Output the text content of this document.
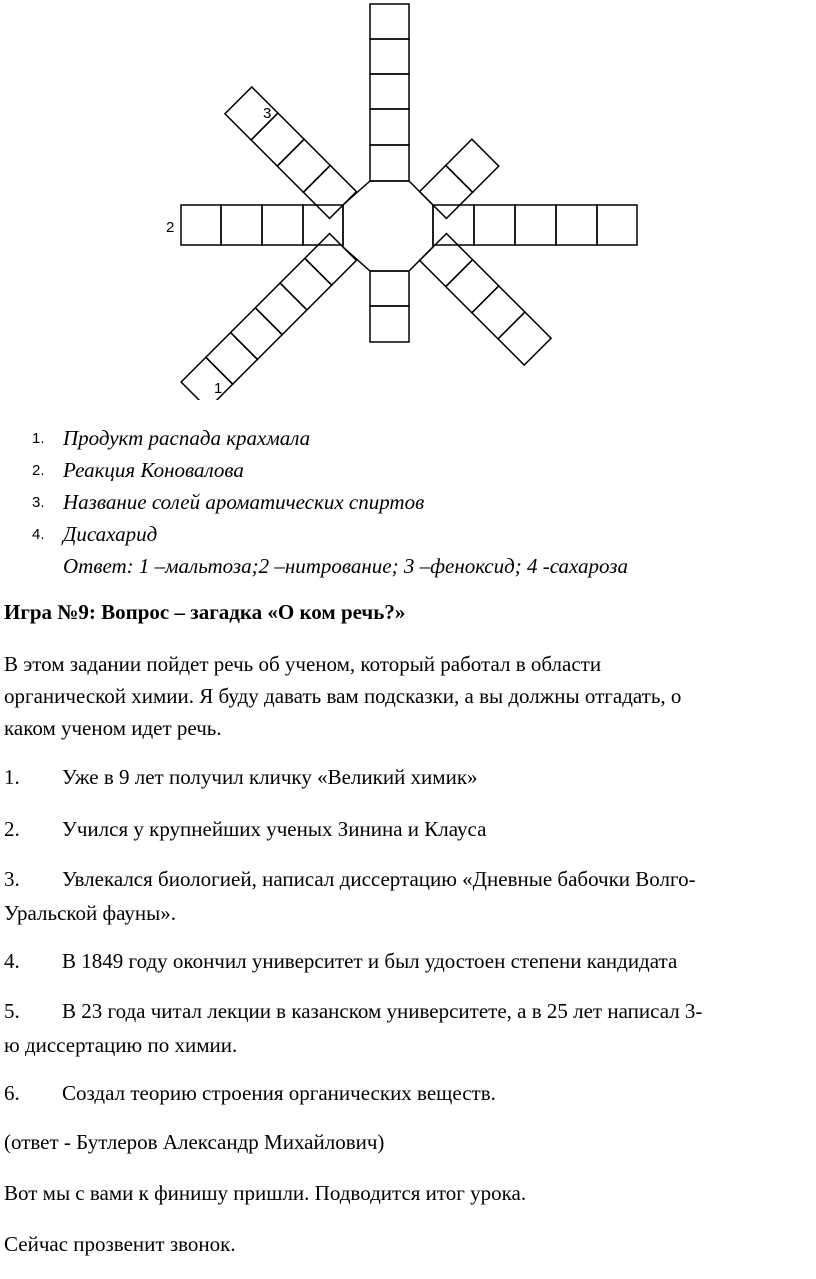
1
2
3
1. Продукт распада крахмала
2. Реакция Коновалова
3. Название солей ароматических спиртов
4. Дисахарид
Ответ: 1 –мальтоза;2 –нитрование; 3 –феноксид; 4 -сахароза
Игра №9: Вопрос – загадка «О ком речь?»
В этом задании пойдет речь об ученом, который работал в области
органической химии. Я буду давать вам подсказки, а вы должны отгадать, о
каком ученом идет речь.
1. Уже в 9 лет получил кличку «Великий химик»
2. Учился у крупнейших ученых Зинина и Клауса
3. Увлекался биологией, написал диссертацию «Дневные бабочки Волго-
Уральской фауны».
4. В 1849 году окончил университет и был удостоен степени кандидата
5. В 23 года читал лекции в казанском университете, а в 25 лет написал 3-
ю диссертацию по химии.
6. Создал теорию строения органических веществ.
(ответ - Бутлеров Александр Михайлович)
Вот мы с вами к финишу пришли. Подводится итог урока.
Сейчас прозвенит звонок.
